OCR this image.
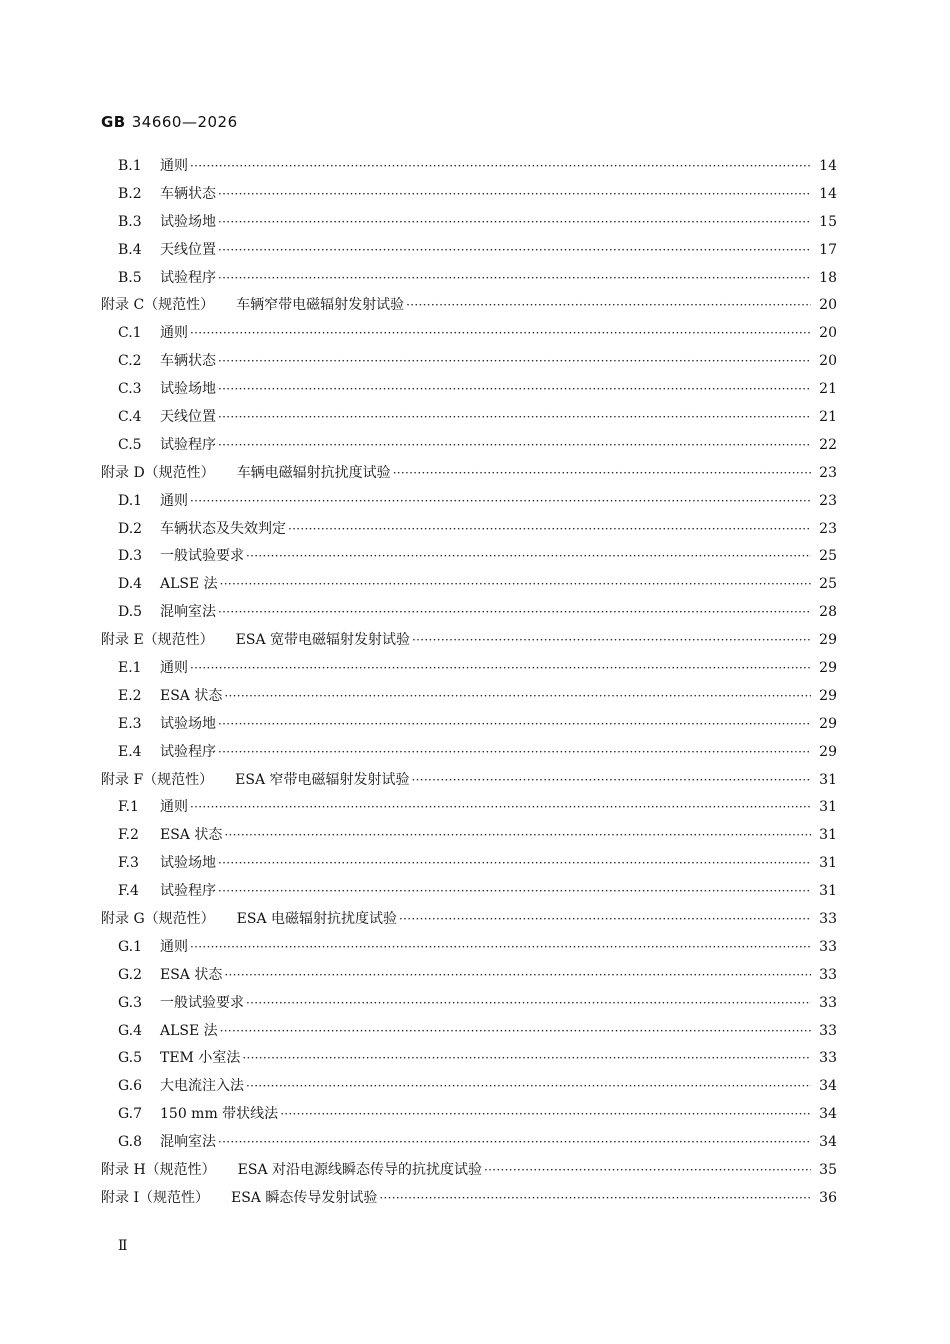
GB 34660—2026
B.1	通则 ·····	14
B.2	车辆状态 ·····	14
B.3	试验场地 ·····	15
B.4	天线位置 ·····	17
B.5	试验程序 ·····	18
附录 C（规范性） 车辆窄带电磁辐射发射试验 ·····	20
C.1	通则 ·····	20
C.2	车辆状态 ·····	20
C.3	试验场地 ·····	21
C.4	天线位置 ·····	21
C.5	试验程序 ·····	22
附录 D（规范性） 车辆电磁辐射抗扰度试验 ·····	23
D.1	通则 ·····	23
D.2	车辆状态及失效判定 ·····	23
D.3	一般试验要求 ·····	25
D.4	ALSE 法 ·····	25
D.5	混响室法 ·····	28
附录 E（规范性） ESA 宽带电磁辐射发射试验 ·····	29
E.1	通则 ·····	29
E.2	ESA 状态 ·····	29
E.3	试验场地 ·····	29
E.4	试验程序 ·····	29
附录 F（规范性） ESA 窄带电磁辐射发射试验 ·····	31
F.1	通则 ·····	31
F.2	ESA 状态 ·····	31
F.3	试验场地 ·····	31
F.4	试验程序 ·····	31
附录 G（规范性） ESA 电磁辐射抗扰度试验 ·····	33
G.1	通则 ·····	33
G.2	ESA 状态 ·····	33
G.3	一般试验要求 ·····	33
G.4	ALSE 法 ·····	33
G.5	TEM 小室法 ·····	33
G.6	大电流注入法 ·····	34
G.7	150 mm 带状线法 ·····	34
G.8	混响室法 ·····	34
附录 H（规范性） ESA 对沿电源线瞬态传导的抗扰度试验 ·····	35
附录 I（规范性） ESA 瞬态传导发射试验 ·····	36
Ⅱ
